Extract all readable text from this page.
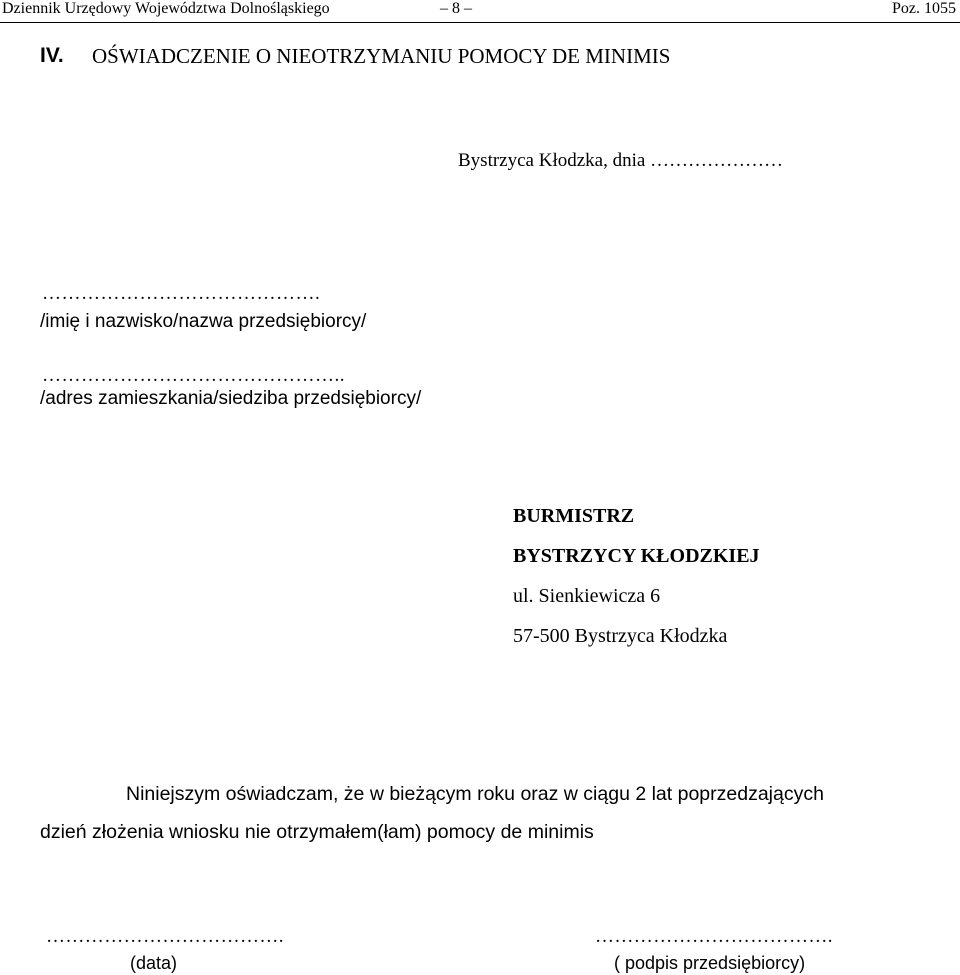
Dziennik Urzędowy Województwa Dolnośląskiego	– 8 –	Poz. 1055
IV. OŚWIADCZENIE O NIEOTRZYMANIU POMOCY DE MINIMIS
Bystrzyca Kłodzka, dnia …………………
…………………………………….
/imię i nazwisko/nazwa przedsiębiorcy/
………………………………………..
/adres zamieszkania/siedziba przedsiębiorcy/
BURMISTRZ
BYSTRZYCY KŁODZKIEJ
ul. Sienkiewicza 6
57-500 Bystrzyca Kłodzka
Niniejszym oświadczam, że w bieżącym roku oraz w ciągu 2 lat poprzedzających
dzień złożenia wniosku nie otrzymałem(łam) pomocy de minimis
……………………………….
(data)
……………………………….
( podpis przedsiębiorcy)
